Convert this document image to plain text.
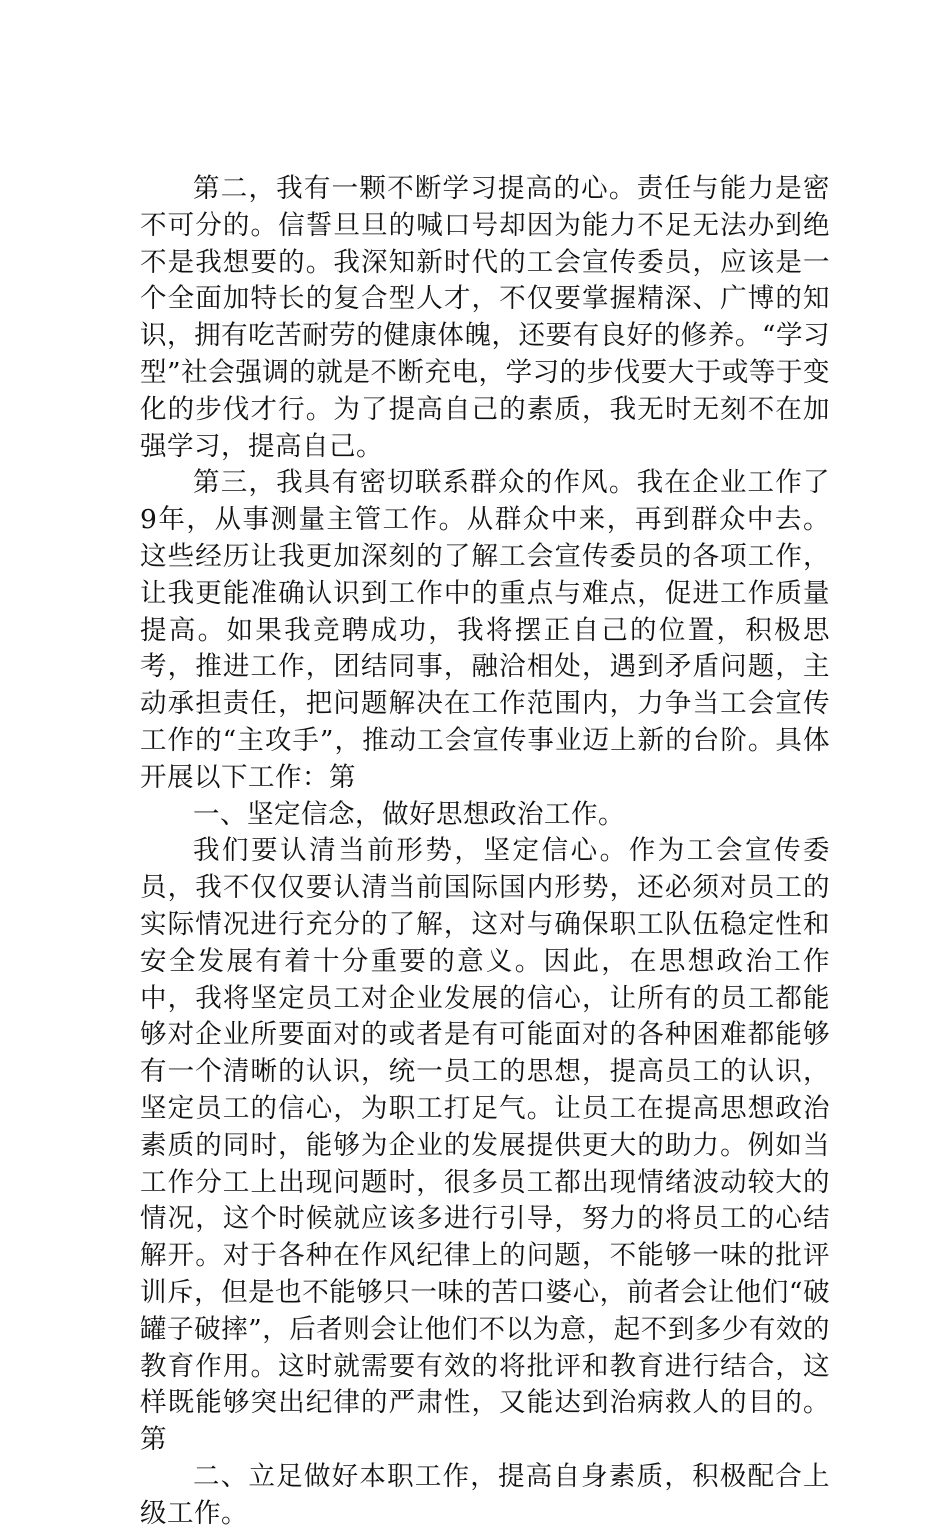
第二，我有一颗不断学习提高的心。责任与能力是密不可分的。信誓旦旦的喊口号却因为能力不足无法办到绝不是我想要的。我深知新时代的工会宣传委员，应该是一个全面加特长的复合型人才，不仅要掌握精深、广博的知识，拥有吃苦耐劳的健康体魄，还要有良好的修养。“学习型”社会强调的就是不断充电，学习的步伐要大于或等于变化的步伐才行。为了提高自己的素质，我无时无刻不在加强学习，提高自己。

第三，我具有密切联系群众的作风。我在企业工作了9年，从事测量主管工作。从群众中来，再到群众中去。这些经历让我更加深刻的了解工会宣传委员的各项工作，让我更能准确认识到工作中的重点与难点，促进工作质量提高。如果我竞聘成功，我将摆正自己的位置，积极思考，推进工作，团结同事，融洽相处，遇到矛盾问题，主动承担责任，把问题解决在工作范围内，力争当工会宣传工作的“主攻手”，推动工会宣传事业迈上新的台阶。具体开展以下工作：第

一、坚定信念，做好思想政治工作。

我们要认清当前形势，坚定信心。作为工会宣传委员，我不仅仅要认清当前国际国内形势，还必须对员工的实际情况进行充分的了解，这对与确保职工队伍稳定性和安全发展有着十分重要的意义。因此，在思想政治工作中，我将坚定员工对企业发展的信心，让所有的员工都能够对企业所要面对的或者是有可能面对的各种困难都能够有一个清晰的认识，统一员工的思想，提高员工的认识，坚定员工的信心，为职工打足气。让员工在提高思想政治素质的同时，能够为企业的发展提供更大的助力。例如当工作分工上出现问题时，很多员工都出现情绪波动较大的情况，这个时候就应该多进行引导，努力的将员工的心结解开。对于各种在作风纪律上的问题，不能够一味的批评训斥，但是也不能够只一味的苦口婆心，前者会让他们“破罐子破摔”，后者则会让他们不以为意，起不到多少有效的教育作用。这时就需要有效的将批评和教育进行结合，这样既能够突出纪律的严肃性，又能达到治病救人的目的。第

二、立足做好本职工作，提高自身素质，积极配合上级工作。
